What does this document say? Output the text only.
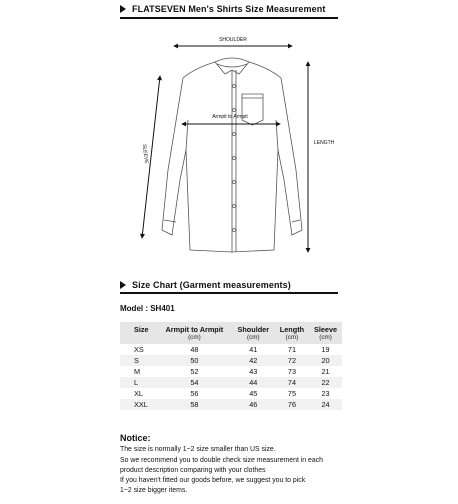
FLATSEVEN Men's Shirts Size Measurement
SHOULDER
Armpit to Armpit
LENGTH
SLEEVE
Size Chart (Garment measurements)
Model : SH401
Size	Armpit to Armpit	Shoulder	Length	Sleeve
	(cm)	(cm)	(cm)	(cm)
XS	48	41	71	19
S	50	42	72	20
M	52	43	73	21
L	54	44	74	22
XL	56	45	75	23
XXL	58	46	76	24
Notice:
The size is normally 1~2 size smaller than US size.
So we recommend you to double check size measurement in each
product description comparing with your clothes
If you haven't fitted our goods before, we suggest you to pick
1~2 size bigger items.
